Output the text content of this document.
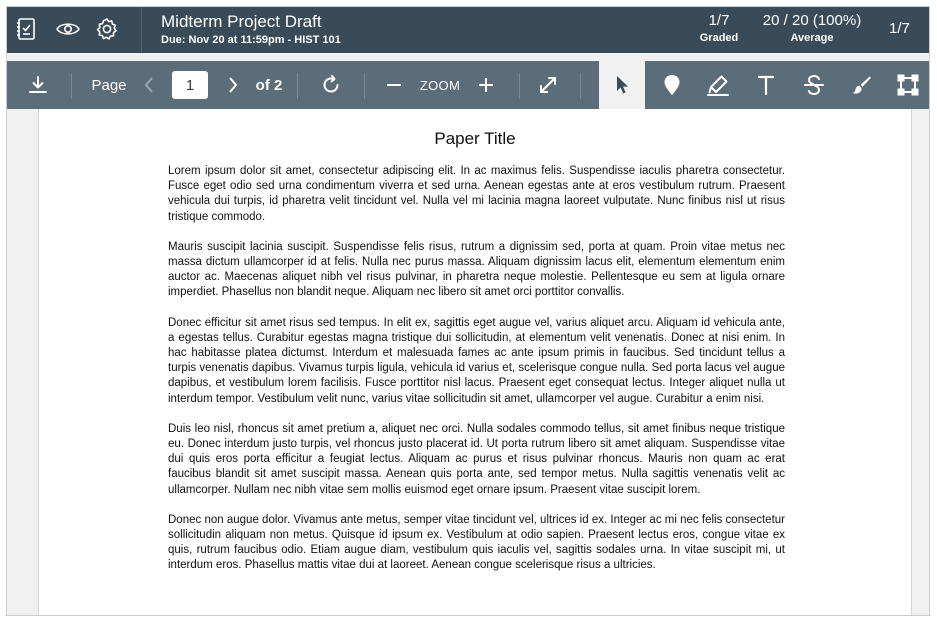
Midterm Project Draft
Due: Nov 20 at 11:59pm - HIST 101
1/7
Graded
20 / 20 (100%)
Average
1/7
Page
1	of 2	ZOOM
Paper Title

Lorem ipsum dolor sit amet, consectetur adipiscing elit. In ac maximus felis. Suspendisse iaculis pharetra consectetur. Fusce eget odio sed urna condimentum viverra et sed urna. Aenean egestas ante at eros vestibulum rutrum. Praesent vehicula dui turpis, id pharetra velit tincidunt vel. Nulla vel mi lacinia magna laoreet vulputate. Nunc finibus nisl ut risus tristique commodo.

Mauris suscipit lacinia suscipit. Suspendisse felis risus, rutrum a dignissim sed, porta at quam. Proin vitae metus nec massa dictum ullamcorper id at felis. Nulla nec purus massa. Aliquam dignissim lacus elit, elementum elementum enim auctor ac. Maecenas aliquet nibh vel risus pulvinar, in pharetra neque molestie. Pellentesque eu sem at ligula ornare imperdiet. Phasellus non blandit neque. Aliquam nec libero sit amet orci porttitor convallis.

Donec efficitur sit amet risus sed tempus. In elit ex, sagittis eget augue vel, varius aliquet arcu. Aliquam id vehicula ante, a egestas tellus. Curabitur egestas magna tristique dui sollicitudin, at elementum velit venenatis. Donec at nisi enim. In hac habitasse platea dictumst. Interdum et malesuada fames ac ante ipsum primis in faucibus. Sed tincidunt tellus a turpis venenatis dapibus. Vivamus turpis ligula, vehicula id varius et, scelerisque congue nulla. Sed porta lacus vel augue dapibus, et vestibulum lorem facilisis. Fusce porttitor nisl lacus. Praesent eget consequat lectus. Integer aliquet nulla ut interdum tempor. Vestibulum velit nunc, varius vitae sollicitudin sit amet, ullamcorper vel augue. Curabitur a enim nisi.

Duis leo nisl, rhoncus sit amet pretium a, aliquet nec orci. Nulla sodales commodo tellus, sit amet finibus neque tristique eu. Donec interdum justo turpis, vel rhoncus justo placerat id. Ut porta rutrum libero sit amet aliquam. Suspendisse vitae dui quis eros porta efficitur a feugiat lectus. Aliquam ac purus et risus pulvinar rhoncus. Mauris non quam ac erat faucibus blandit sit amet suscipit massa. Aenean quis porta ante, sed tempor metus. Nulla sagittis venenatis velit ac ullamcorper. Nullam nec nibh vitae sem mollis euismod eget ornare ipsum. Praesent vitae suscipit lorem.

Donec non augue dolor. Vivamus ante metus, semper vitae tincidunt vel, ultrices id ex. Integer ac mi nec felis consectetur sollicitudin aliquam non metus. Quisque id ipsum ex. Vestibulum at odio sapien. Praesent lectus eros, congue vitae ex quis, rutrum faucibus odio. Etiam augue diam, vestibulum quis iaculis vel, sagittis sodales urna. In vitae suscipit mi, ut interdum eros. Phasellus mattis vitae dui at laoreet. Aenean congue scelerisque risus a ultricies.
